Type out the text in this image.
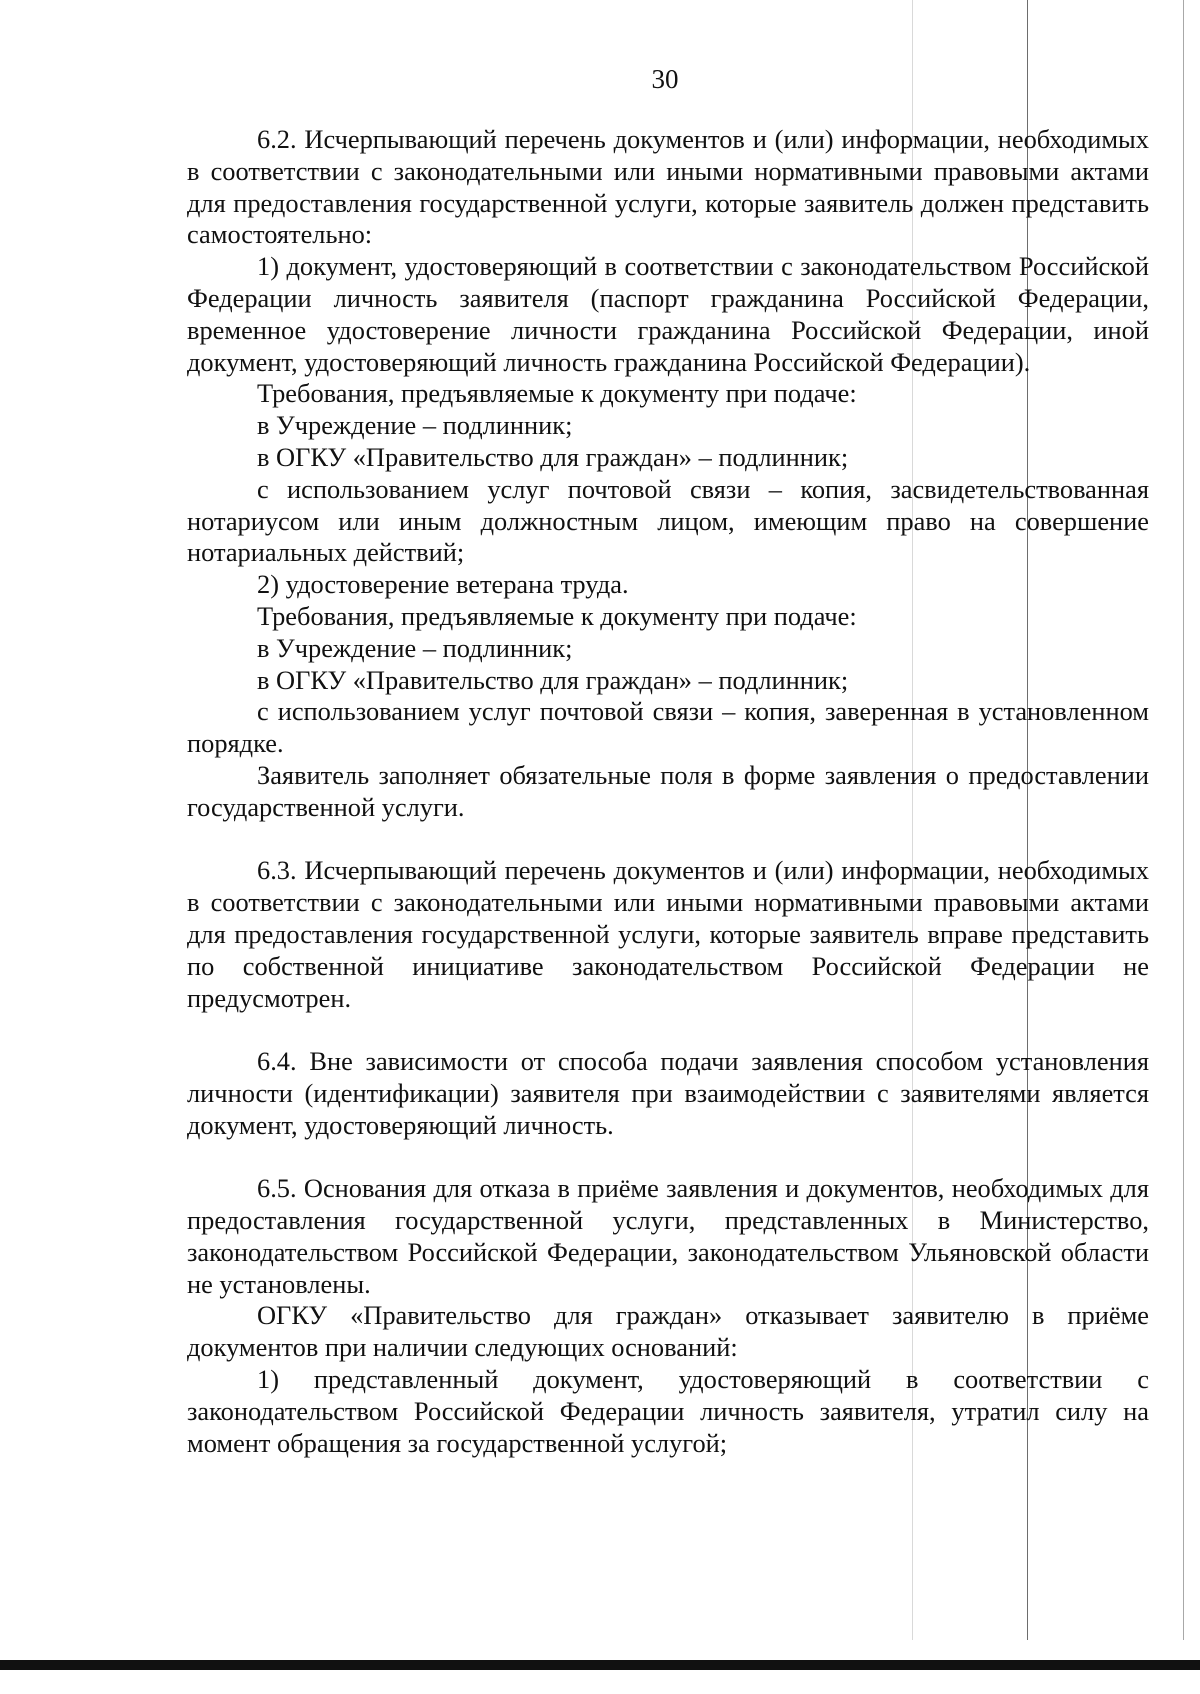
30

6.2. Исчерпывающий перечень документов и (или) информации, необходимых в соответствии с законодательными или иными нормативными правовыми актами для предоставления государственной услуги, которые заявитель должен представить самостоятельно:

1) документ, удостоверяющий в соответствии с законодательством Российской Федерации личность заявителя (паспорт гражданина Российской Федерации, временное удостоверение личности гражданина Российской Федерации, иной документ, удостоверяющий личность гражданина Российской Федерации).

Требования, предъявляемые к документу при подаче:

в Учреждение – подлинник;

в ОГКУ «Правительство для граждан» – подлинник;

с использованием услуг почтовой связи – копия, засвидетельствованная нотариусом или иным должностным лицом, имеющим право на совершение нотариальных действий;

2) удостоверение ветерана труда.

Требования, предъявляемые к документу при подаче:

в Учреждение – подлинник;

в ОГКУ «Правительство для граждан» – подлинник;

с использованием услуг почтовой связи – копия, заверенная в установленном порядке.

Заявитель заполняет обязательные поля в форме заявления о предоставлении государственной услуги.

6.3. Исчерпывающий перечень документов и (или) информации, необходимых в соответствии с законодательными или иными нормативными правовыми актами для предоставления государственной услуги, которые заявитель вправе представить по собственной инициативе законодательством Российской Федерации не предусмотрен.

6.4. Вне зависимости от способа подачи заявления способом установления личности (идентификации) заявителя при взаимодействии с заявителями является документ, удостоверяющий личность.

6.5. Основания для отказа в приёме заявления и документов, необходимых для предоставления государственной услуги, представленных в Министерство, законодательством Российской Федерации, законодательством Ульяновской области не установлены.

ОГКУ «Правительство для граждан» отказывает заявителю в приёме документов при наличии следующих оснований:

1) представленный документ, удостоверяющий в соответствии с законодательством Российской Федерации личность заявителя, утратил силу на момент обращения за государственной услугой;
